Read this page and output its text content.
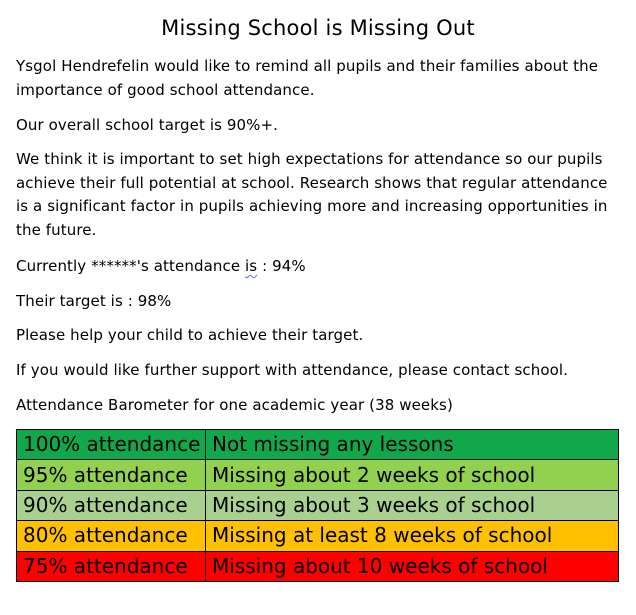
Missing School is Missing Out
Ysgol Hendrefelin would like to remind all pupils and their families about the importance of good school attendance.
Our overall school target is 90%+.
We think it is important to set high expectations for attendance so our pupils achieve their full potential at school. Research shows that regular attendance is a significant factor in pupils achieving more and increasing opportunities in the future.
Currently ******'s attendance is : 94%
Their target is : 98%
Please help your child to achieve their target.
If you would like further support with attendance, please contact school.
Attendance Barometer for one academic year (38 weeks)
100% attendance	Not missing any lessons
95% attendance	Missing about 2 weeks of school
90% attendance	Missing about 3 weeks of school
80% attendance	Missing at least 8 weeks of school
75% attendance	Missing about 10 weeks of school
